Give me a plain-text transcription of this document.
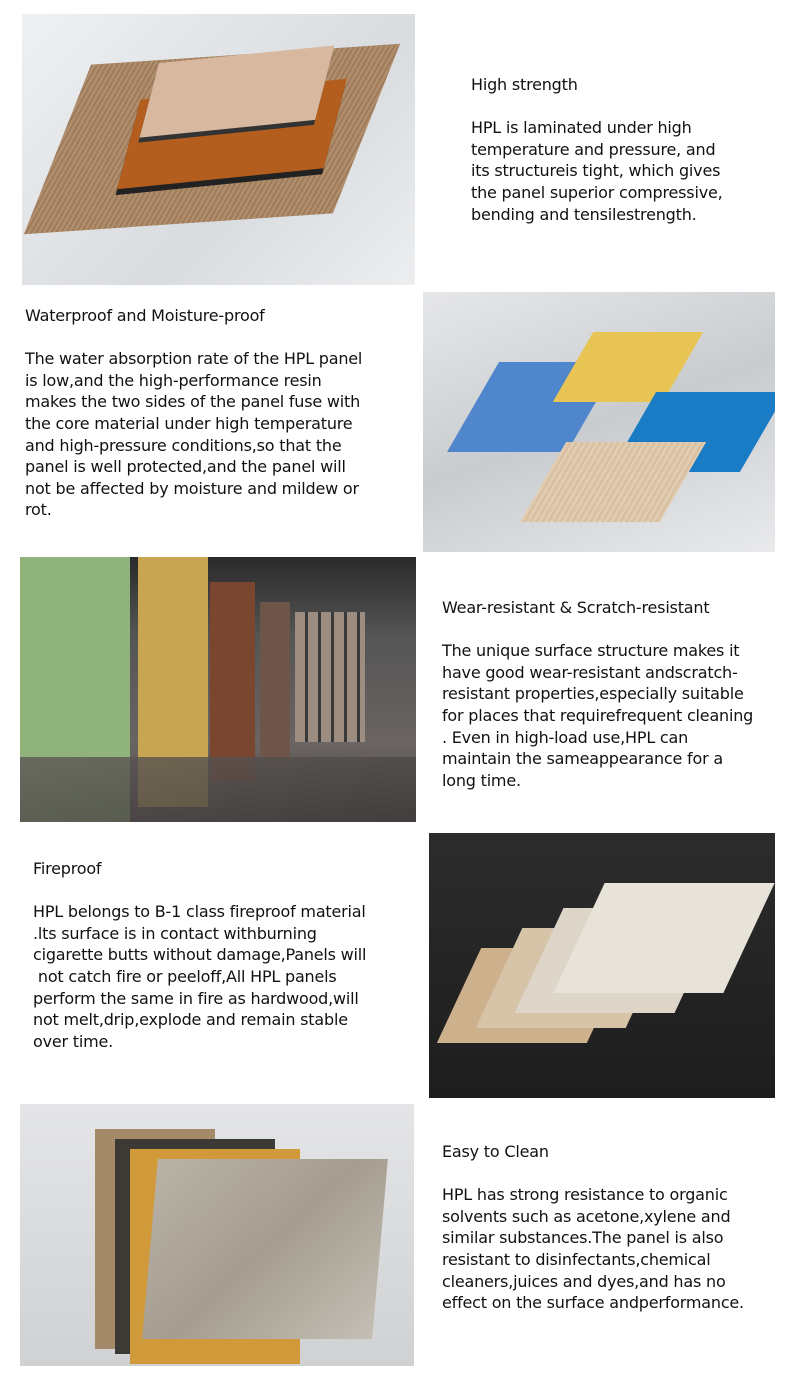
High strength
HPL is laminated under high
temperature and pressure, and
its structureis tight, which gives
the panel superior compressive,
bending and tensilestrength.
Waterproof and Moisture-proof
The water absorption rate of the HPL panel
is low,and the high-performance resin
makes the two sides of the panel fuse with
the core material under high temperature
and high-pressure conditions,so that the
panel is well protected,and the panel will
not be affected by moisture and mildew or
rot.
Wear-resistant & Scratch-resistant
The unique surface structure makes it
have good wear-resistant andscratch-
resistant properties,especially suitable
for places that requirefrequent cleaning
. Even in high-load use,HPL can
maintain the sameappearance for a
long time.
Fireproof
HPL belongs to B-1 class fireproof material
.lts surface is in contact withburning
cigarette butts without damage,Panels will
not catch fire or peeloff,All HPL panels
perform the same in fire as hardwood,will
not melt,drip,explode and remain stable
over time.
Easy to Clean
HPL has strong resistance to organic
solvents such as acetone,xylene and
similar substances.The panel is also
resistant to disinfectants,chemical
cleaners,juices and dyes,and has no
effect on the surface andperformance.
